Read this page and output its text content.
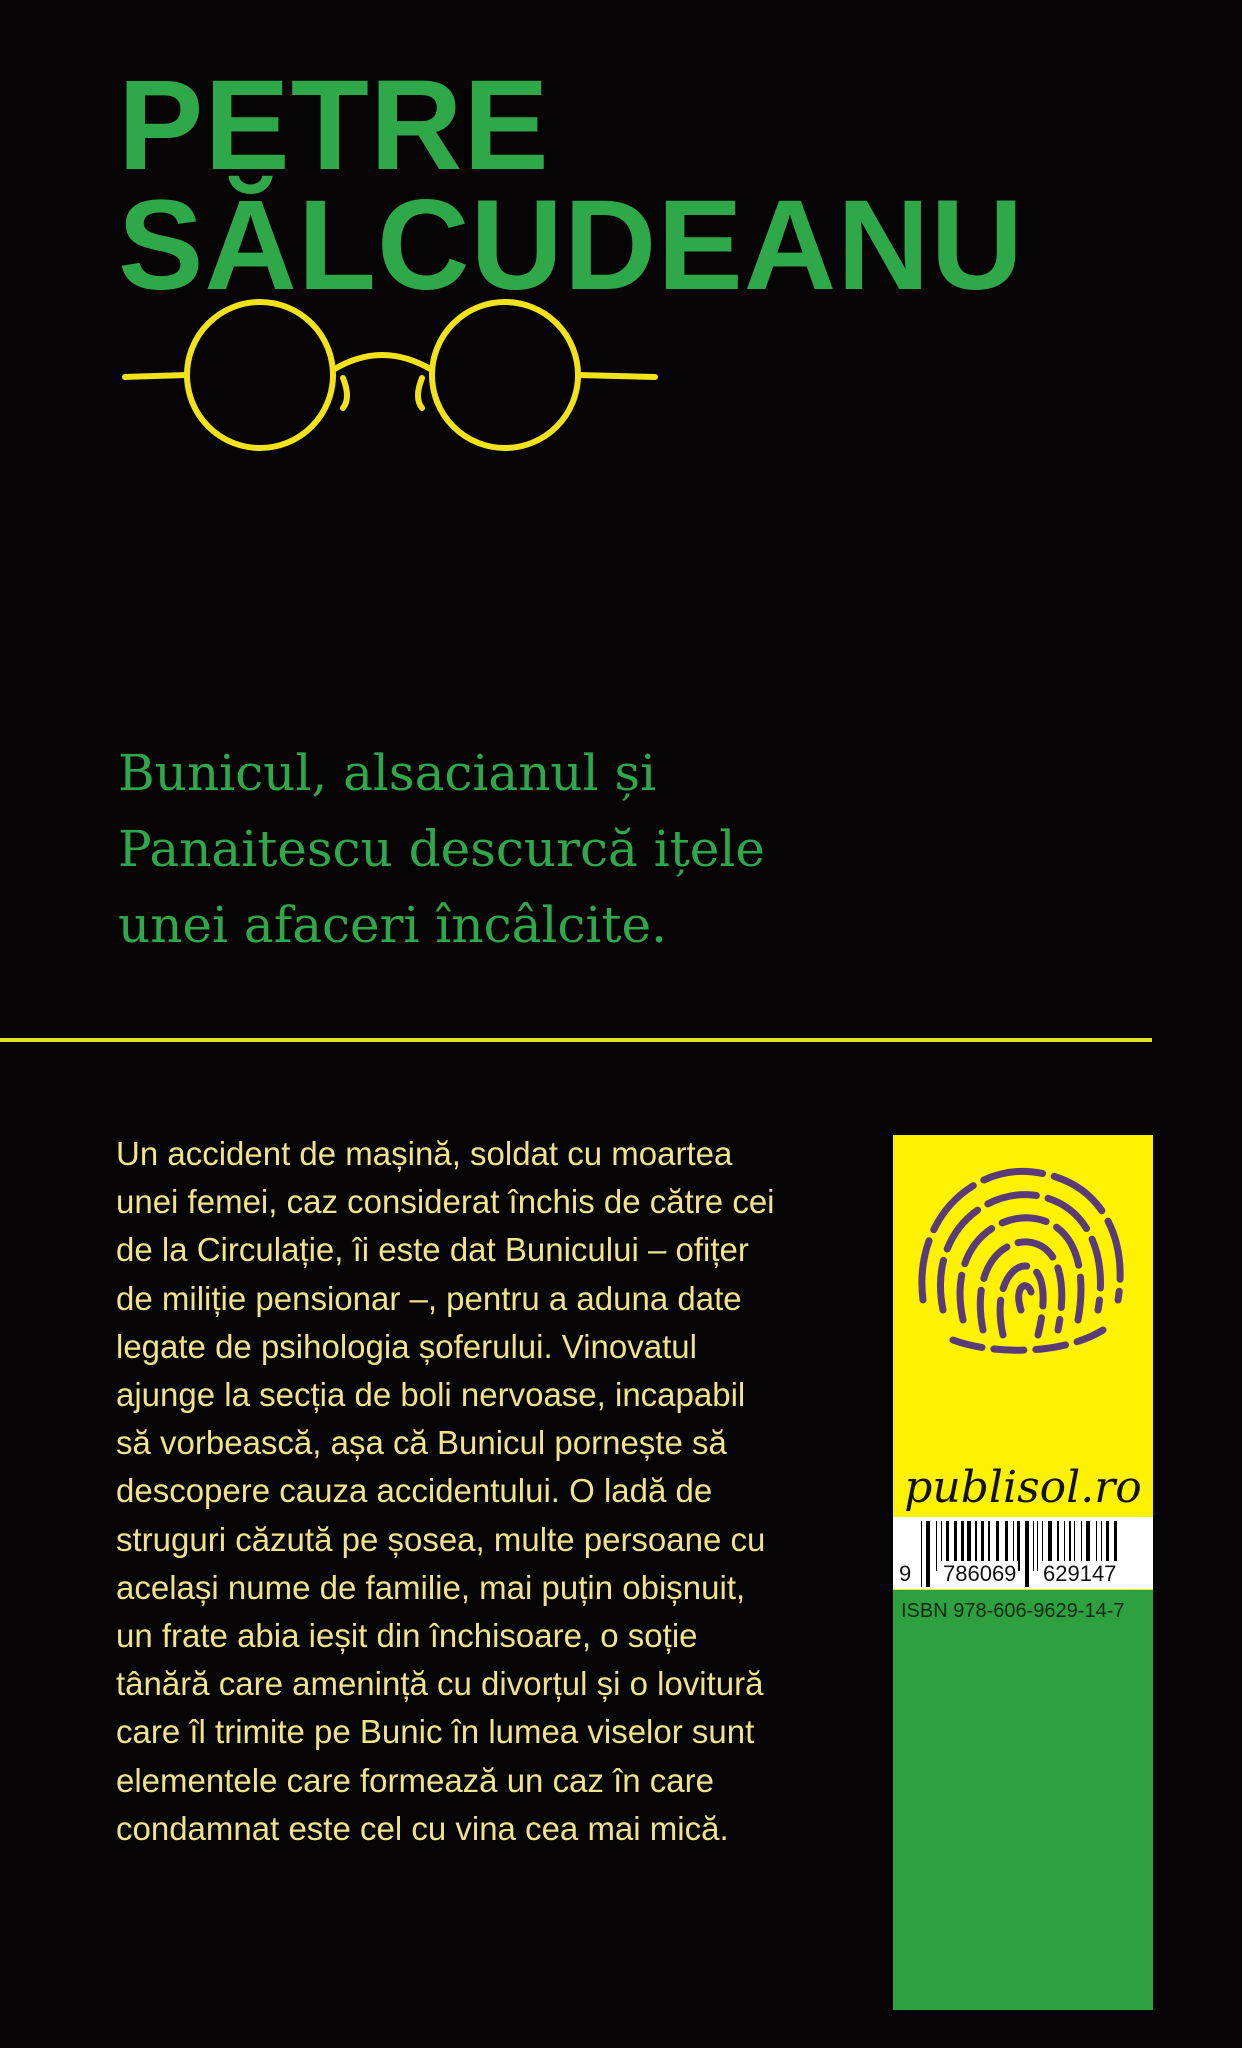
PETRE
SĂLCUDEANU
Bunicul, alsacianul și
Panaitescu descurcă ițele
unei afaceri încâlcite.
Un accident de mașină, soldat cu moartea
unei femei, caz considerat închis de către cei
de la Circulație, îi este dat Bunicului – ofițer
de miliție pensionar –, pentru a aduna date
legate de psihologia șoferului. Vinovatul
ajunge la secția de boli nervoase, incapabil
să vorbească, așa că Bunicul pornește să
descopere cauza accidentului. O ladă de
struguri căzută pe șosea, multe persoane cu
același nume de familie, mai puțin obișnuit,
un frate abia ieșit din închisoare, o soție
tânără care amenință cu divorțul și o lovitură
care îl trimite pe Bunic în lumea viselor sunt
elementele care formează un caz în care
condamnat este cel cu vina cea mai mică.
publisol.ro
9 786069 629147
ISBN 978-606-9629-14-7
